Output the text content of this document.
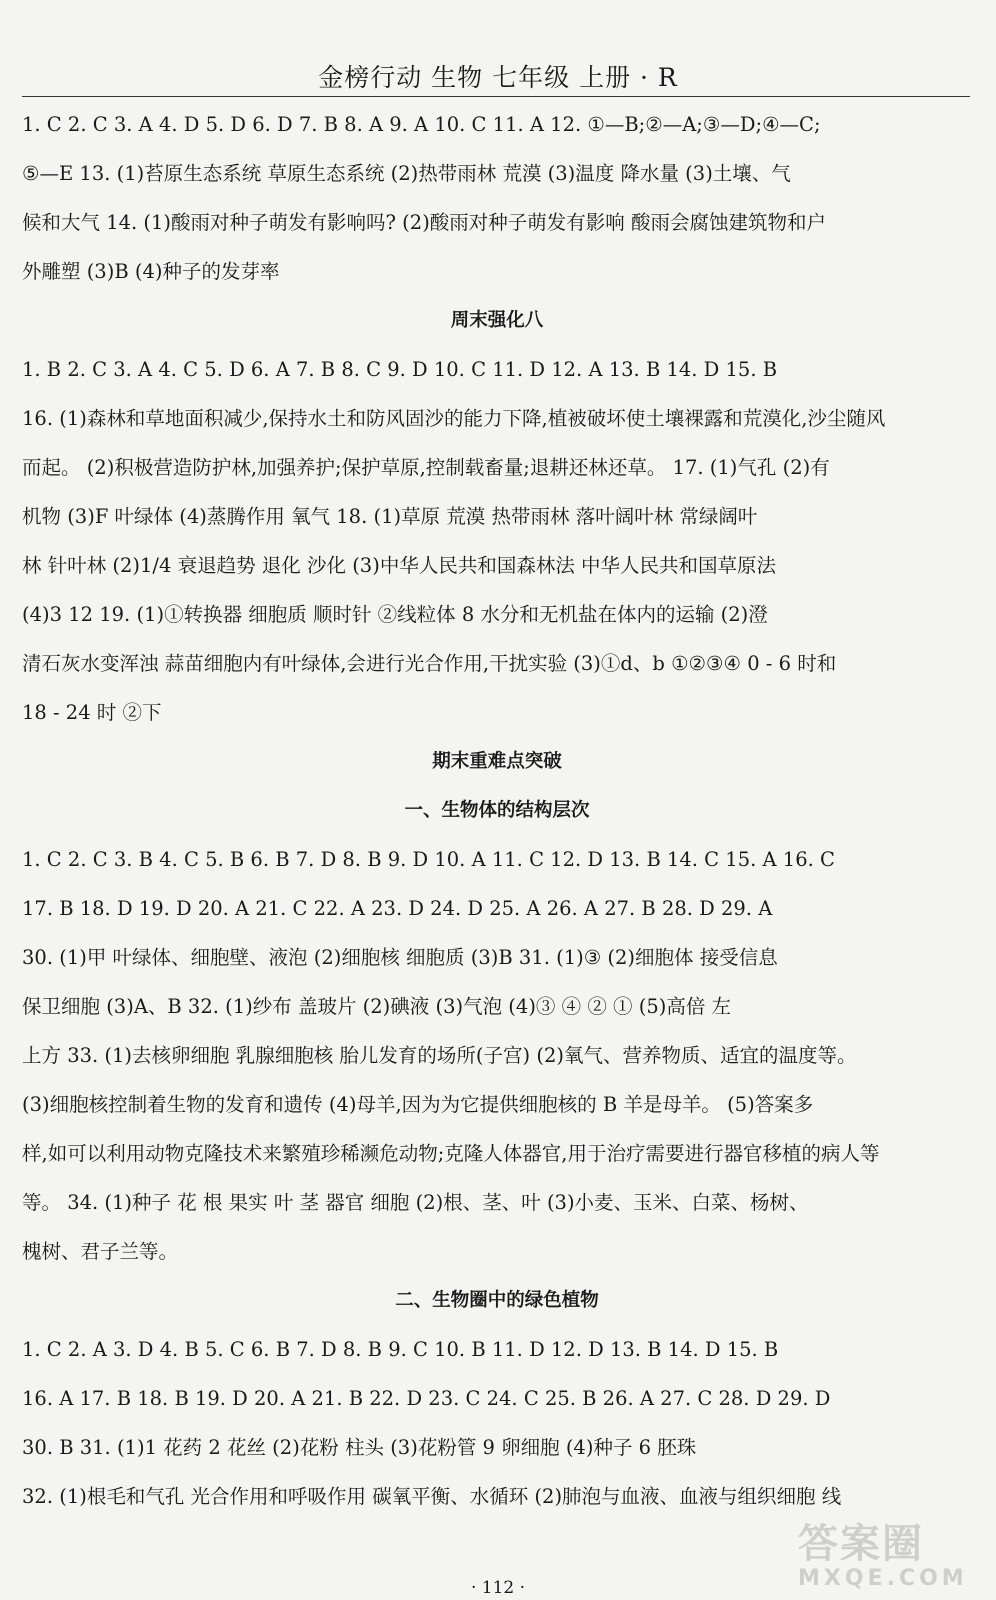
金榜行动 生物 七年级 上册 · R

1. C 2. C 3. A 4. D 5. D 6. D 7. B 8. A 9. A 10. C 11. A 12. ①—B;②—A;③—D;④—C;

⑤—E 13. (1)苔原生态系统 草原生态系统 (2)热带雨林 荒漠 (3)温度 降水量 (3)土壤、气

候和大气 14. (1)酸雨对种子萌发有影响吗? (2)酸雨对种子萌发有影响 酸雨会腐蚀建筑物和户

外雕塑 (3)B (4)种子的发芽率

周末强化八

1. B 2. C 3. A 4. C 5. D 6. A 7. B 8. C 9. D 10. C 11. D 12. A 13. B 14. D 15. B

16. (1)森林和草地面积减少,保持水土和防风固沙的能力下降,植被破坏使土壤裸露和荒漠化,沙尘随风

而起。 (2)积极营造防护林,加强养护;保护草原,控制载畜量;退耕还林还草。 17. (1)气孔 (2)有

机物 (3)F 叶绿体 (4)蒸腾作用 氧气 18. (1)草原 荒漠 热带雨林 落叶阔叶林 常绿阔叶

林 针叶林 (2)1/4 衰退趋势 退化 沙化 (3)中华人民共和国森林法 中华人民共和国草原法

(4)3 12 19. (1)①转换器 细胞质 顺时针 ②线粒体 8 水分和无机盐在体内的运输 (2)澄

清石灰水变浑浊 蒜苗细胞内有叶绿体,会进行光合作用,干扰实验 (3)①d、b ①②③④ 0 - 6 时和

18 - 24 时 ②下

期末重难点突破

一、生物体的结构层次

1. C 2. C 3. B 4. C 5. B 6. B 7. D 8. B 9. D 10. A 11. C 12. D 13. B 14. C 15. A 16. C

17. B 18. D 19. D 20. A 21. C 22. A 23. D 24. D 25. A 26. A 27. B 28. D 29. A

30. (1)甲 叶绿体、细胞壁、液泡 (2)细胞核 细胞质 (3)B 31. (1)③ (2)细胞体 接受信息

保卫细胞 (3)A、B 32. (1)纱布 盖玻片 (2)碘液 (3)气泡 (4)③ ④ ② ① (5)高倍 左

上方 33. (1)去核卵细胞 乳腺细胞核 胎儿发育的场所(子宫) (2)氧气、营养物质、适宜的温度等。

(3)细胞核控制着生物的发育和遗传 (4)母羊,因为为它提供细胞核的 B 羊是母羊。 (5)答案多

样,如可以利用动物克隆技术来繁殖珍稀濒危动物;克隆人体器官,用于治疗需要进行器官移植的病人等

等。 34. (1)种子 花 根 果实 叶 茎 器官 细胞 (2)根、茎、叶 (3)小麦、玉米、白菜、杨树、

槐树、君子兰等。

二、生物圈中的绿色植物

1. C 2. A 3. D 4. B 5. C 6. B 7. D 8. B 9. C 10. B 11. D 12. D 13. B 14. D 15. B

16. A 17. B 18. B 19. D 20. A 21. B 22. D 23. C 24. C 25. B 26. A 27. C 28. D 29. D

30. B 31. (1)1 花药 2 花丝 (2)花粉 柱头 (3)花粉管 9 卵细胞 (4)种子 6 胚珠

32. (1)根毛和气孔 光合作用和呼吸作用 碳氧平衡、水循环 (2)肺泡与血液、血液与组织细胞 线

· 112 ·
答案圈
MXQE.COM
